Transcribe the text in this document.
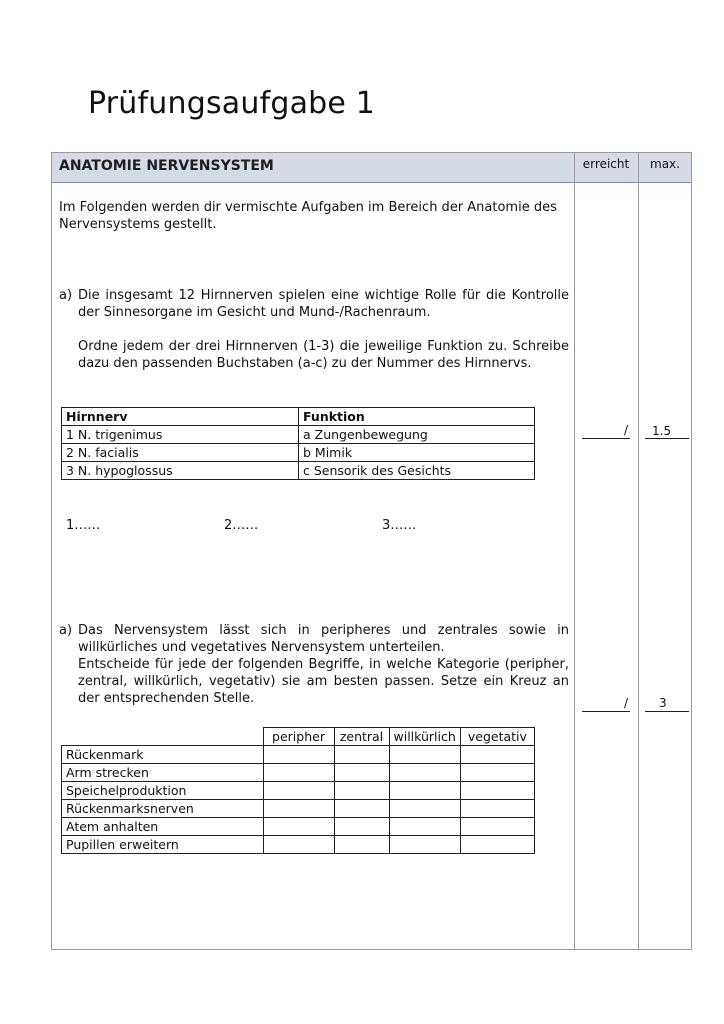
Prüfungsaufgabe 1
ANATOMIE NERVENSYSTEM	erreicht	max.
Im Folgenden werden dir vermischte Aufgaben im Bereich der Anatomie des Nervensystems gestellt.
a) Die insgesamt 12 Hirnnerven spielen eine wichtige Rolle für die Kontrolle der Sinnesorgane im Gesicht und Mund-/Rachenraum.
Ordne jedem der drei Hirnnerven (1-3) die jeweilige Funktion zu. Schreibe dazu den passenden Buchstaben (a-c) zu der Nummer des Hirnnervs.
Hirnnerv	Funktion
1 N. trigenimus	a Zungenbewegung
2 N. facialis	b Mimik
3 N. hypoglossus	c Sensorik des Gesichts
1……	2……	3……
/ 1.5
a) Das Nervensystem lässt sich in peripheres und zentrales sowie in willkürliches und vegetatives Nervensystem unterteilen.
Entscheide für jede der folgenden Begriffe, in welche Kategorie (peripher, zentral, willkürlich, vegetativ) sie am besten passen. Setze ein Kreuz an der entsprechenden Stelle.
	peripher	zentral	willkürlich	vegetativ
Rückenmark				
Arm strecken				
Speichelproduktion				
Rückenmarksnerven				
Atem anhalten				
Pupillen erweitern				
/	3
